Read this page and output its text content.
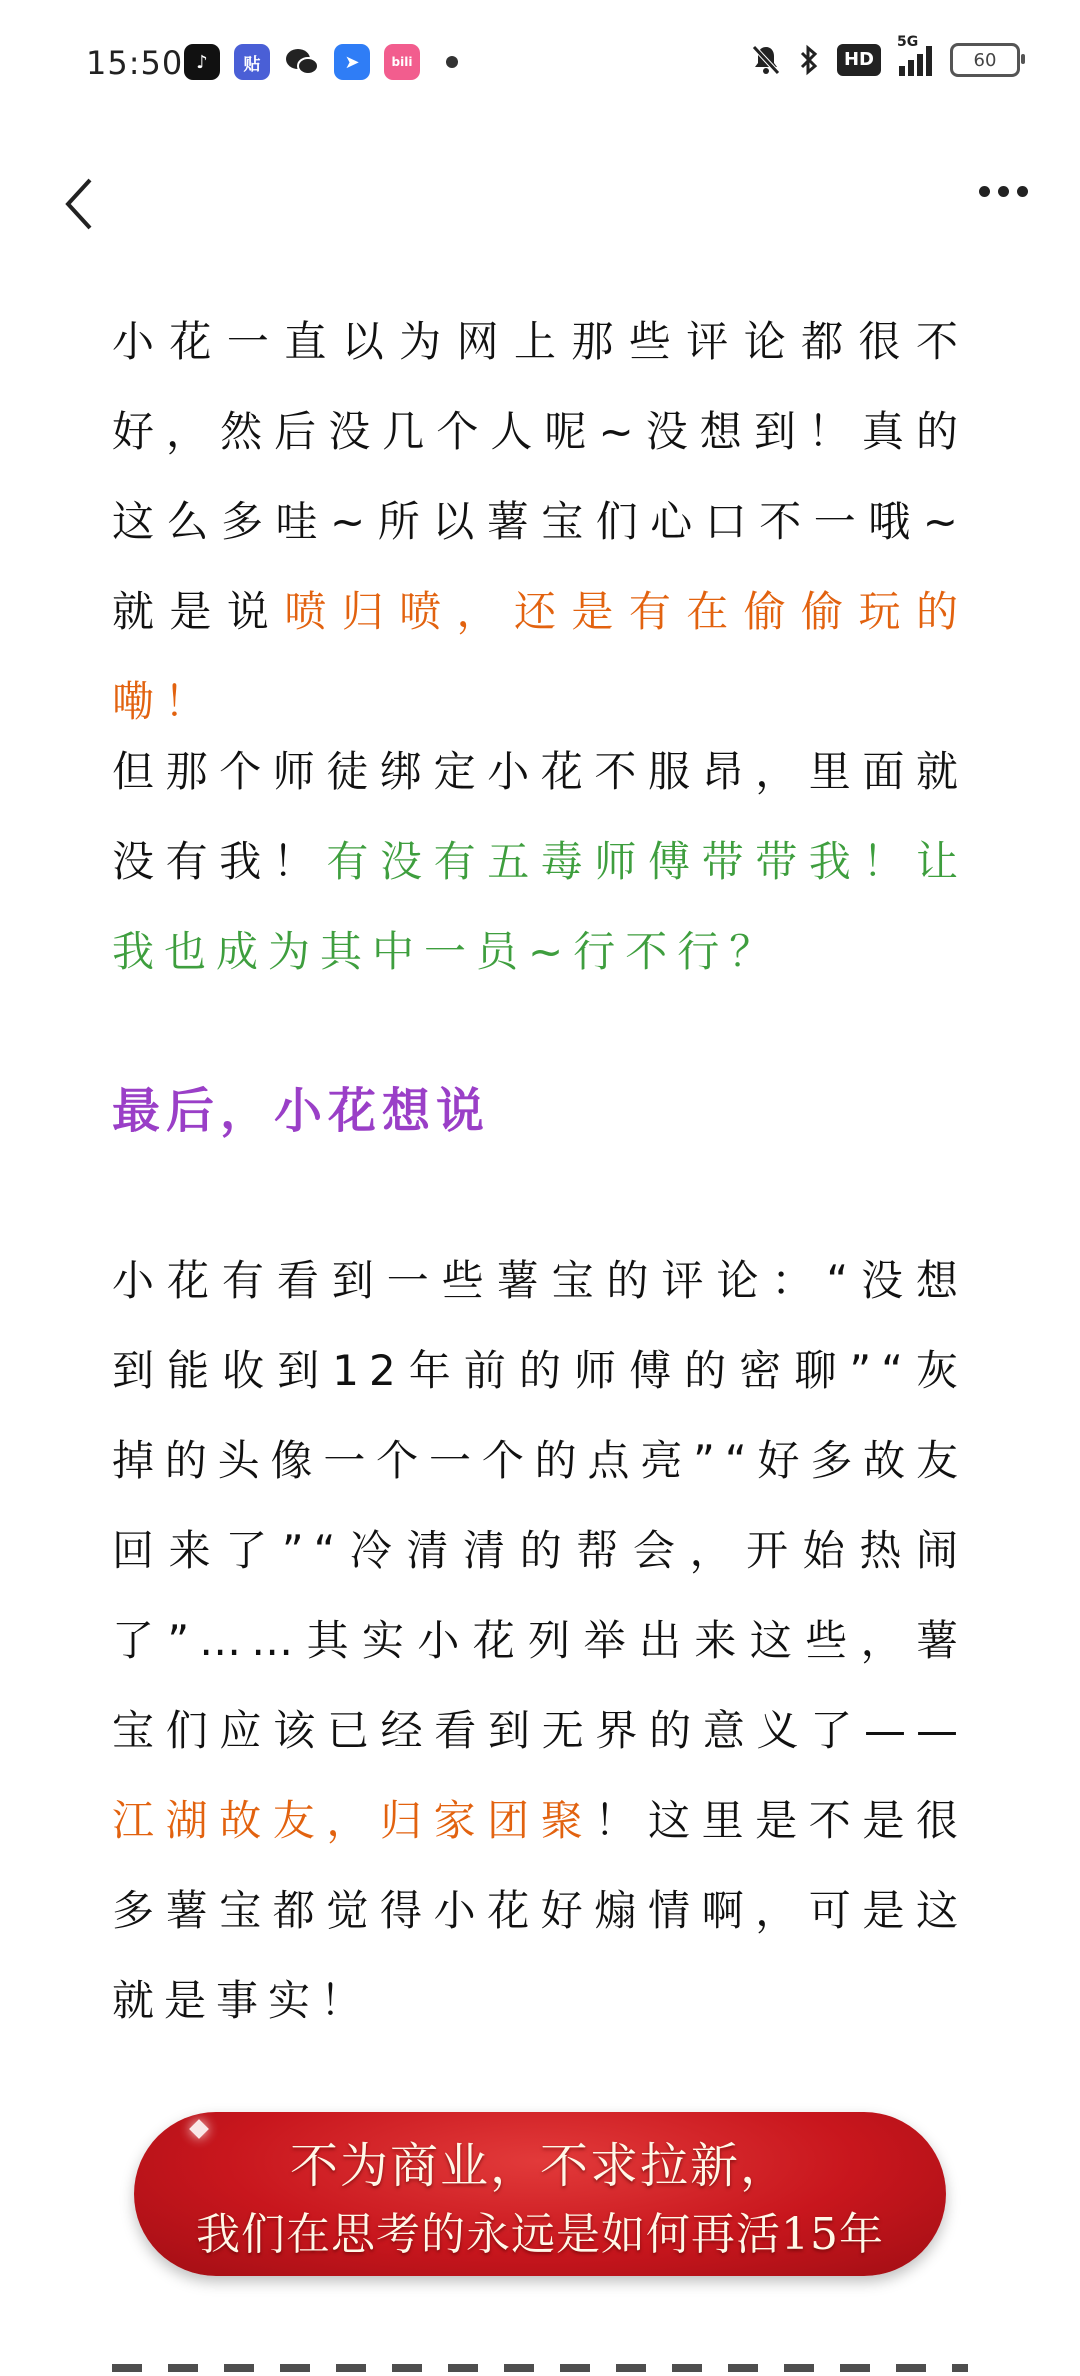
15:50 ♪	贴	➤	bili	HD
5G
60

小花一直以为网上那些评论都很不好，然后没几个人呢~没想到！真的这么多哇~所以薯宝们心口不一哦~就是说喷归喷，还是有在偷偷玩的嘞！

但那个师徒绑定小花不服昂，里面就没有我！有没有五毒师傅带带我！让我也成为其中一员~行不行？

最后，小花想说

小花有看到一些薯宝的评论：“没想到能收到12年前的师傅的密聊”“灰掉的头像一个一个的点亮”“好多故友回来了”“冷清清的帮会，开始热闹了”……其实小花列举出来这些，薯宝们应该已经看到无界的意义了——江湖故友，归家团聚！这里是不是很多薯宝都觉得小花好煽情啊，可是这就是事实！

不为商业，不求拉新，
我们在思考的永远是如何再活15年
